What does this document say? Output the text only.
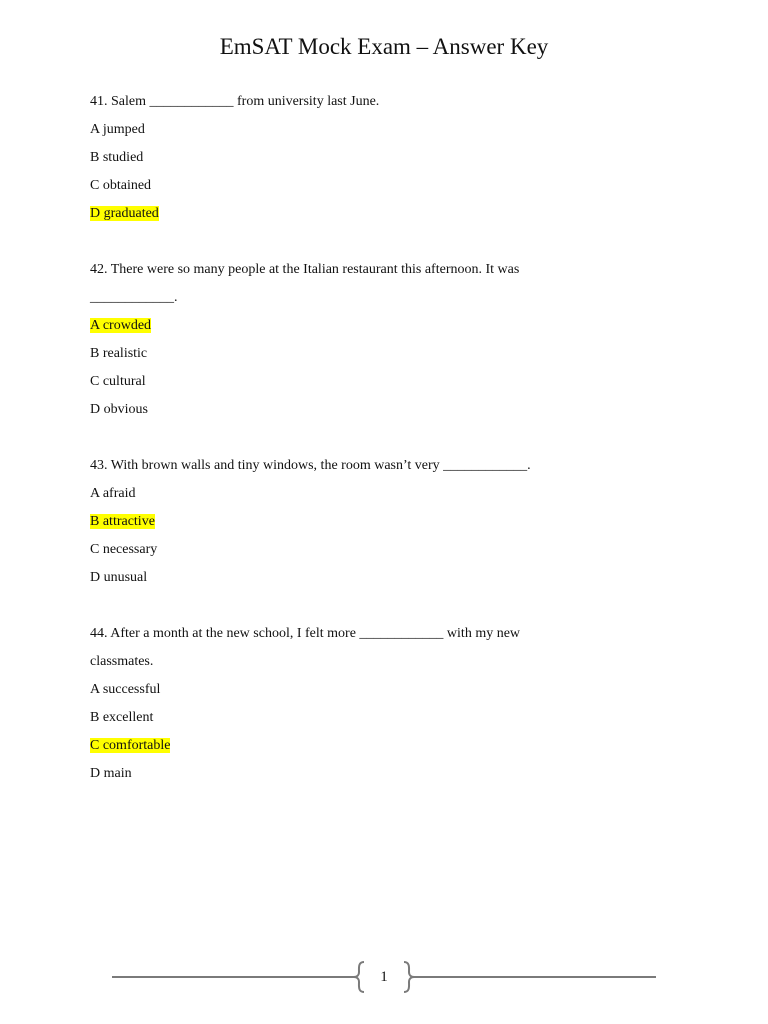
EmSAT Mock Exam – Answer Key
41. Salem ____________ from university last June.
A jumped
B studied
C obtained
D graduated
42. There were so many people at the Italian restaurant this afternoon. It was
____________.
A crowded
B realistic
C cultural
D obvious
43. With brown walls and tiny windows, the room wasn’t very ____________.
A afraid
B attractive
C necessary
D unusual
44. After a month at the new school, I felt more ____________ with my new
classmates.
A successful
B excellent
C comfortable
D main
1
